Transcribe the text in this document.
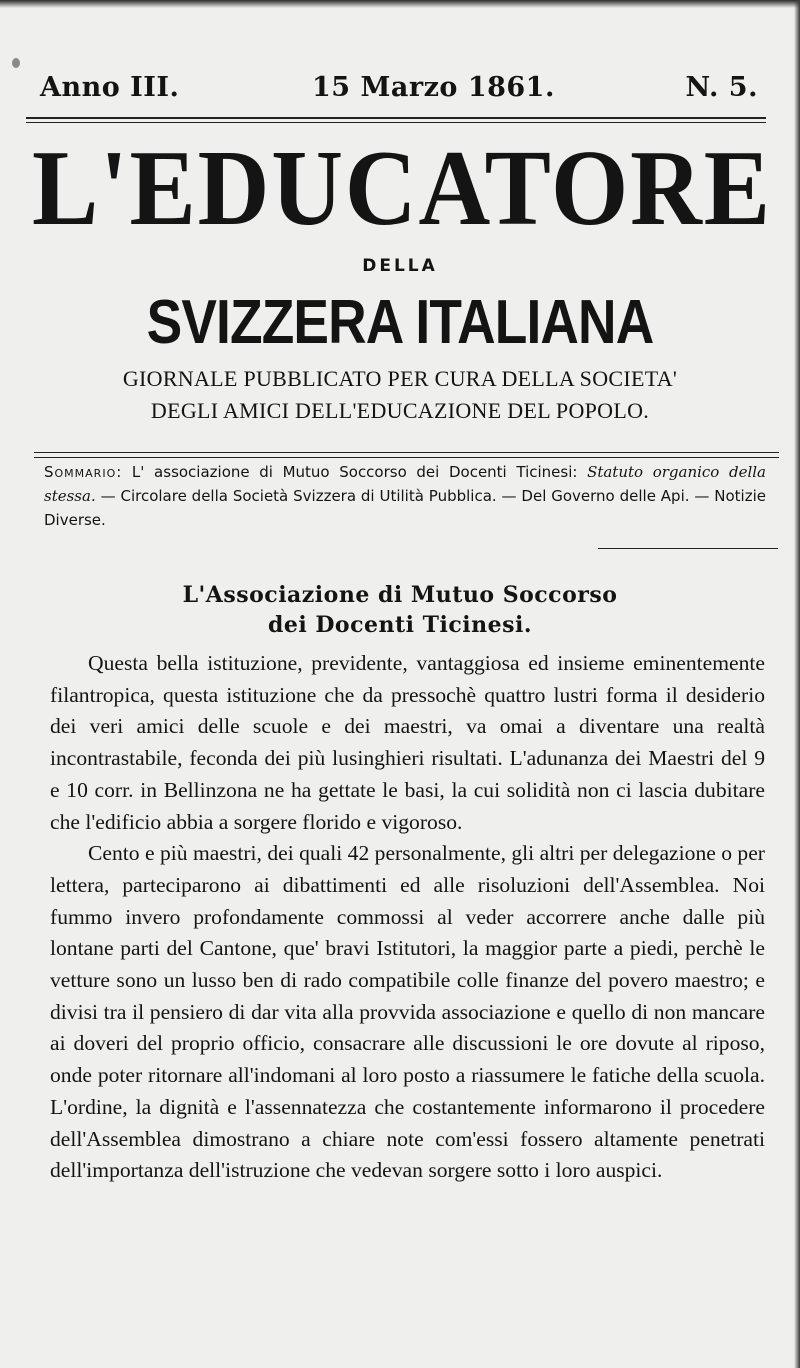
Anno III.	15 Marzo 1861.	N. 5.
L'EDUCATORE
DELLA
SVIZZERA ITALIANA
GIORNALE PUBBLICATO PER CURA DELLA SOCIETA'
DEGLI AMICI DELL'EDUCAZIONE DEL POPOLO.
Sommario: L' associazione di Mutuo Soccorso dei Docenti Ticinesi: Statuto organico della stessa. — Circolare della Società Svizzera di Utilità Pubblica. — Del Governo delle Api. — Notizie Diverse.
L'Associazione di Mutuo Soccorso
dei Docenti Ticinesi.

Questa bella istituzione, previdente, vantaggiosa ed insieme eminentemente filantropica, questa istituzione che da pressochè quattro lustri forma il desiderio dei veri amici delle scuole e dei maestri, va omai a diventare una realtà incontrastabile, feconda dei più lusinghieri risultati. L'adunanza dei Maestri del 9 e 10 corr. in Bellinzona ne ha gettate le basi, la cui solidità non ci lascia dubitare che l'edificio abbia a sorgere florido e vigoroso.

Cento e più maestri, dei quali 42 personalmente, gli altri per delegazione o per lettera, parteciparono ai dibattimenti ed alle risoluzioni dell'Assemblea. Noi fummo invero profondamente commossi al veder accorrere anche dalle più lontane parti del Cantone, que' bravi Istitutori, la maggior parte a piedi, perchè le vetture sono un lusso ben di rado compatibile colle finanze del povero maestro; e divisi tra il pensiero di dar vita alla provvida associazione e quello di non mancare ai doveri del proprio officio, consacrare alle discussioni le ore dovute al riposo, onde poter ritornare all'indomani al loro posto a riassumere le fatiche della scuola. L'ordine, la dignità e l'assennatezza che costantemente informarono il procedere dell'Assemblea dimostrano a chiare note com'essi fossero altamente penetrati dell'importanza dell'istruzione che vedevan sorgere sotto i loro auspici.
